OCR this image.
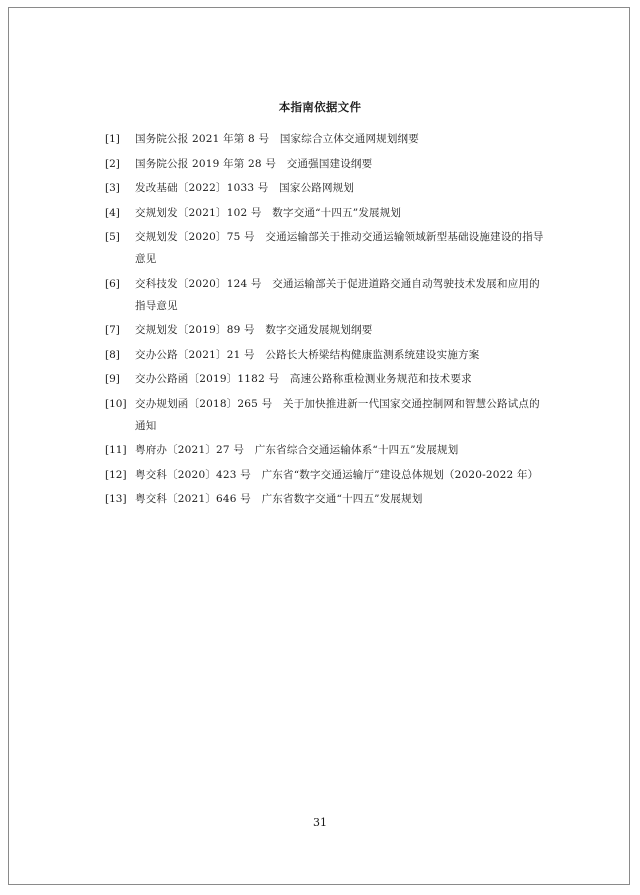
本指南依据文件
[1]	国务院公报 2021 年第 8 号　国家综合立体交通网规划纲要
[2]	国务院公报 2019 年第 28 号　交通强国建设纲要
[3]	发改基础〔2022〕1033 号　国家公路网规划
[4]	交规划发〔2021〕102 号　数字交通“十四五”发展规划
[5]	交规划发〔2020〕75 号　交通运输部关于推动交通运输领域新型基础设施建设的指导意见
[6]	交科技发〔2020〕124 号　交通运输部关于促进道路交通自动驾驶技术发展和应用的指导意见
[7]	交规划发〔2019〕89 号　数字交通发展规划纲要
[8]	交办公路〔2021〕21 号　公路长大桥梁结构健康监测系统建设实施方案
[9]	交办公路函〔2019〕1182 号　高速公路称重检测业务规范和技术要求
[10] 交办规划函〔2018〕265 号　关于加快推进新一代国家交通控制网和智慧公路试点的通知
[11] 粤府办〔2021〕27 号　广东省综合交通运输体系“十四五”发展规划
[12] 粤交科〔2020〕423 号　广东省“数字交通运输厅”建设总体规划（2020-2022 年）
[13] 粤交科〔2021〕646 号　广东省数字交通“十四五”发展规划
31
